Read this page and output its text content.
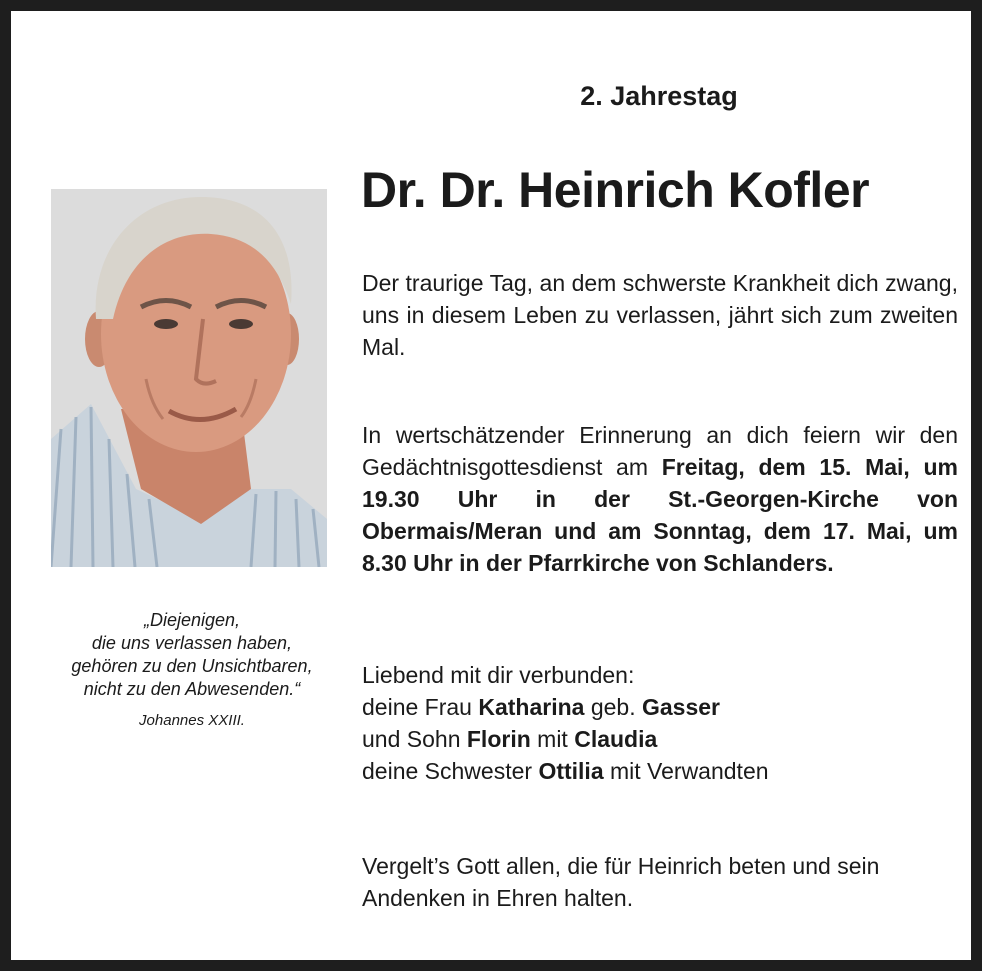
2. Jahrestag
Dr. Dr. Heinrich Kofler
„Diejenigen,
die uns verlassen haben,
gehören zu den Unsichtbaren,
nicht zu den Abwesenden.“
Johannes XXIII.
Der traurige Tag, an dem schwerste Krankheit dich zwang, uns in diesem Leben zu verlassen, jährt sich zum zweiten Mal.
In wertschätzender Erinnerung an dich feiern wir den Gedächtnisgottesdienst am Freitag, dem 15. Mai, um 19.30 Uhr in der St.-Georgen-Kirche von Obermais/Meran und am Sonntag, dem 17. Mai, um 8.30 Uhr in der Pfarrkirche von Schlanders.
Liebend mit dir verbunden:
deine Frau Katharina geb. Gasser
und Sohn Florin mit Claudia
deine Schwester Ottilia mit Verwandten
Vergelt’s Gott allen, die für Heinrich beten und sein Andenken in Ehren halten.
